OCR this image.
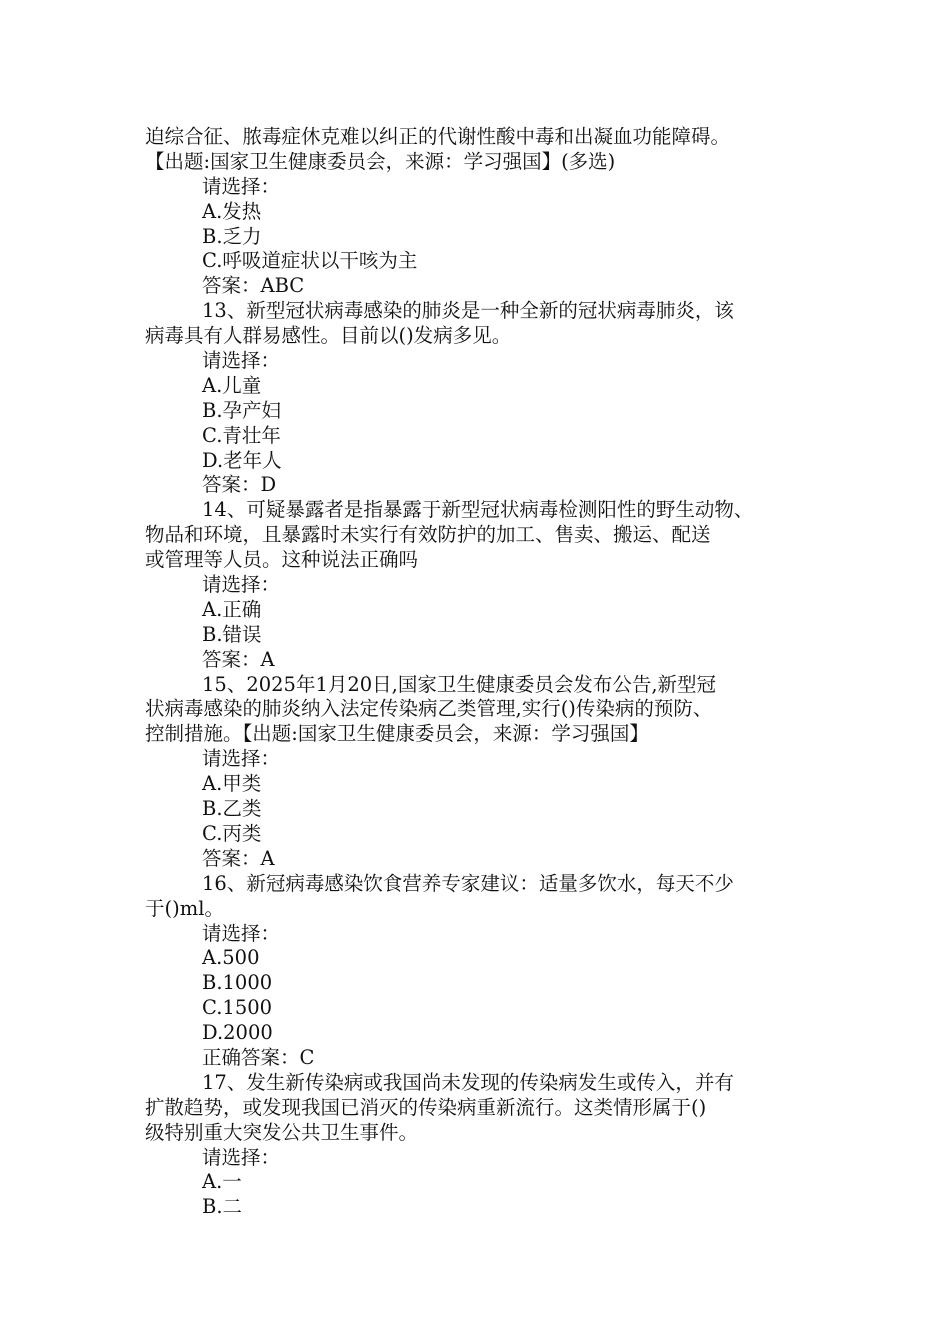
迫综合征、脓毒症休克难以纠正的代谢性酸中毒和出凝血功能障碍。
【出题:国家卫生健康委员会，来源：学习强国】(多选)
请选择：
A.发热
B.乏力
C.呼吸道症状以干咳为主
答案：ABC
13、新型冠状病毒感染的肺炎是一种全新的冠状病毒肺炎，该
病毒具有人群易感性。目前以()发病多见。
请选择：
A.儿童
B.孕产妇
C.青壮年
D.老年人
答案：D
14、可疑暴露者是指暴露于新型冠状病毒检测阳性的野生动物、
物品和环境，且暴露时未实行有效防护的加工、售卖、搬运、配送
或管理等人员。这种说法正确吗
请选择：
A.正确
B.错误
答案：A
15、2025年1月20日,国家卫生健康委员会发布公告,新型冠
状病毒感染的肺炎纳入法定传染病乙类管理,实行()传染病的预防、
控制措施。【出题:国家卫生健康委员会，来源：学习强国】
请选择：
A.甲类
B.乙类
C.丙类
答案：A
16、新冠病毒感染饮食营养专家建议：适量多饮水，每天不少
于()ml。
请选择：
A.500
B.1000
C.1500
D.2000
正确答案：C
17、发生新传染病或我国尚未发现的传染病发生或传入，并有
扩散趋势，或发现我国已消灭的传染病重新流行。这类情形属于()
级特别重大突发公共卫生事件。
请选择：
A.一
B.二
